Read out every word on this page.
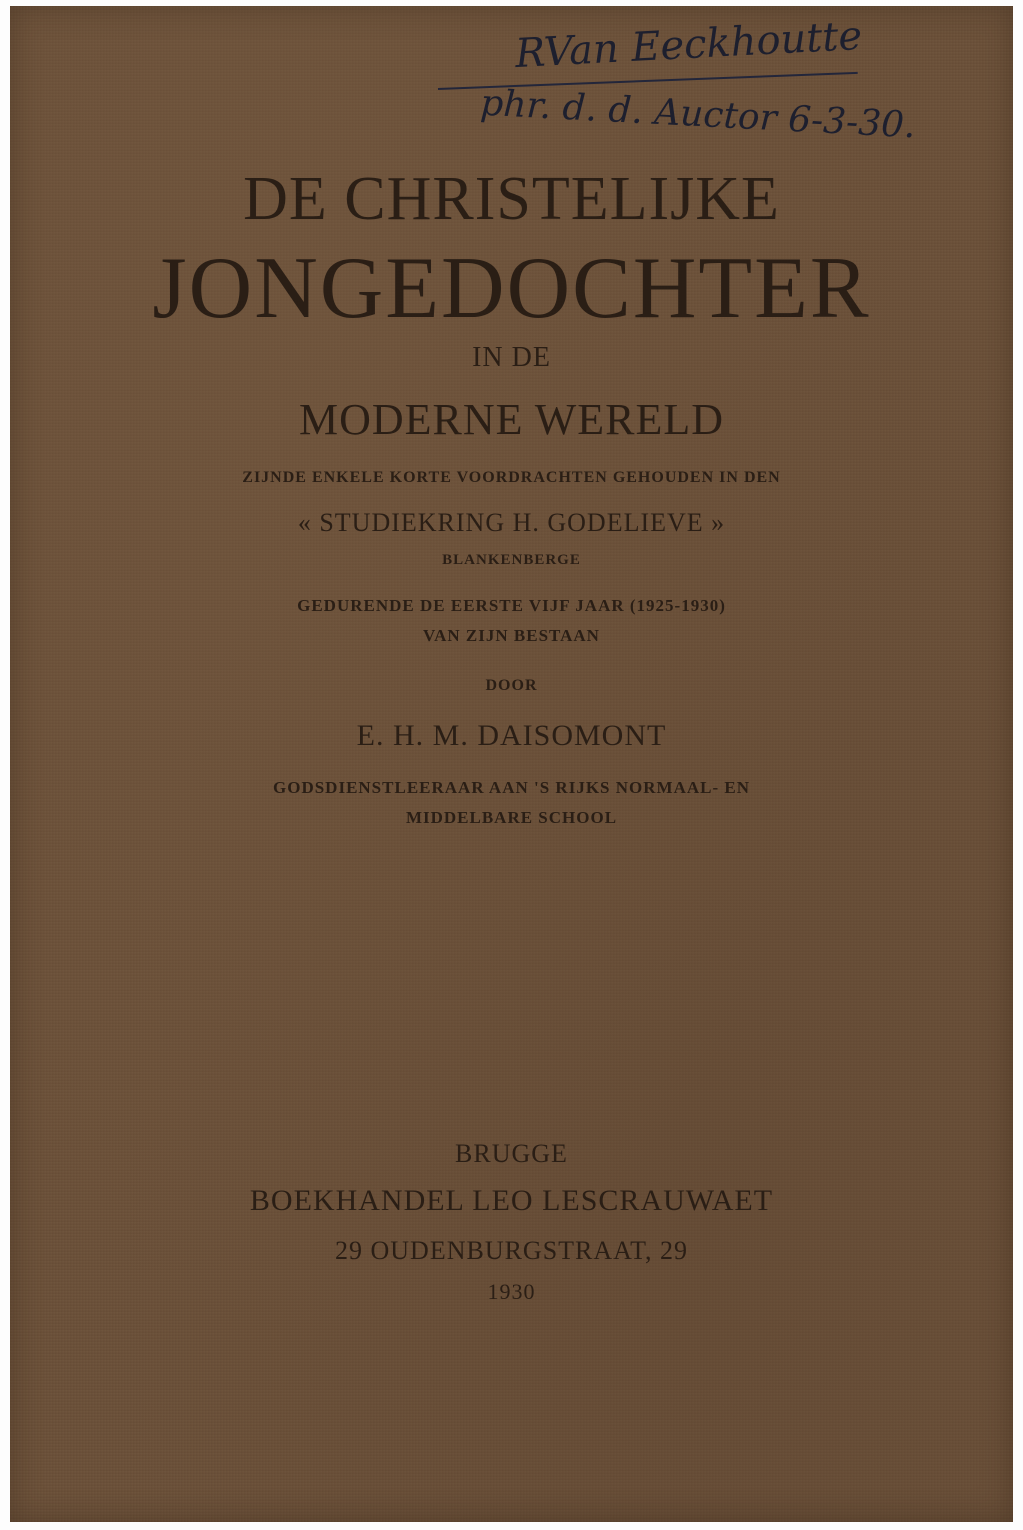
RVan Eeckhoutte
phr. d. d. Auctor 6-3-30.
DE CHRISTELIJKE
JONGEDOCHTER
IN DE
MODERNE WERELD
ZIJNDE ENKELE KORTE VOORDRACHTEN GEHOUDEN IN DEN
« STUDIEKRING H. GODELIEVE »
BLANKENBERGE
GEDURENDE DE EERSTE VIJF JAAR (1925-1930)
VAN ZIJN BESTAAN
DOOR
E. H. M. DAISOMONT
GODSDIENSTLEERAAR AAN 'S RIJKS NORMAAL- EN
MIDDELBARE SCHOOL
BRUGGE
BOEKHANDEL LEO LESCRAUWAET
29 OUDENBURGSTRAAT, 29
1930
